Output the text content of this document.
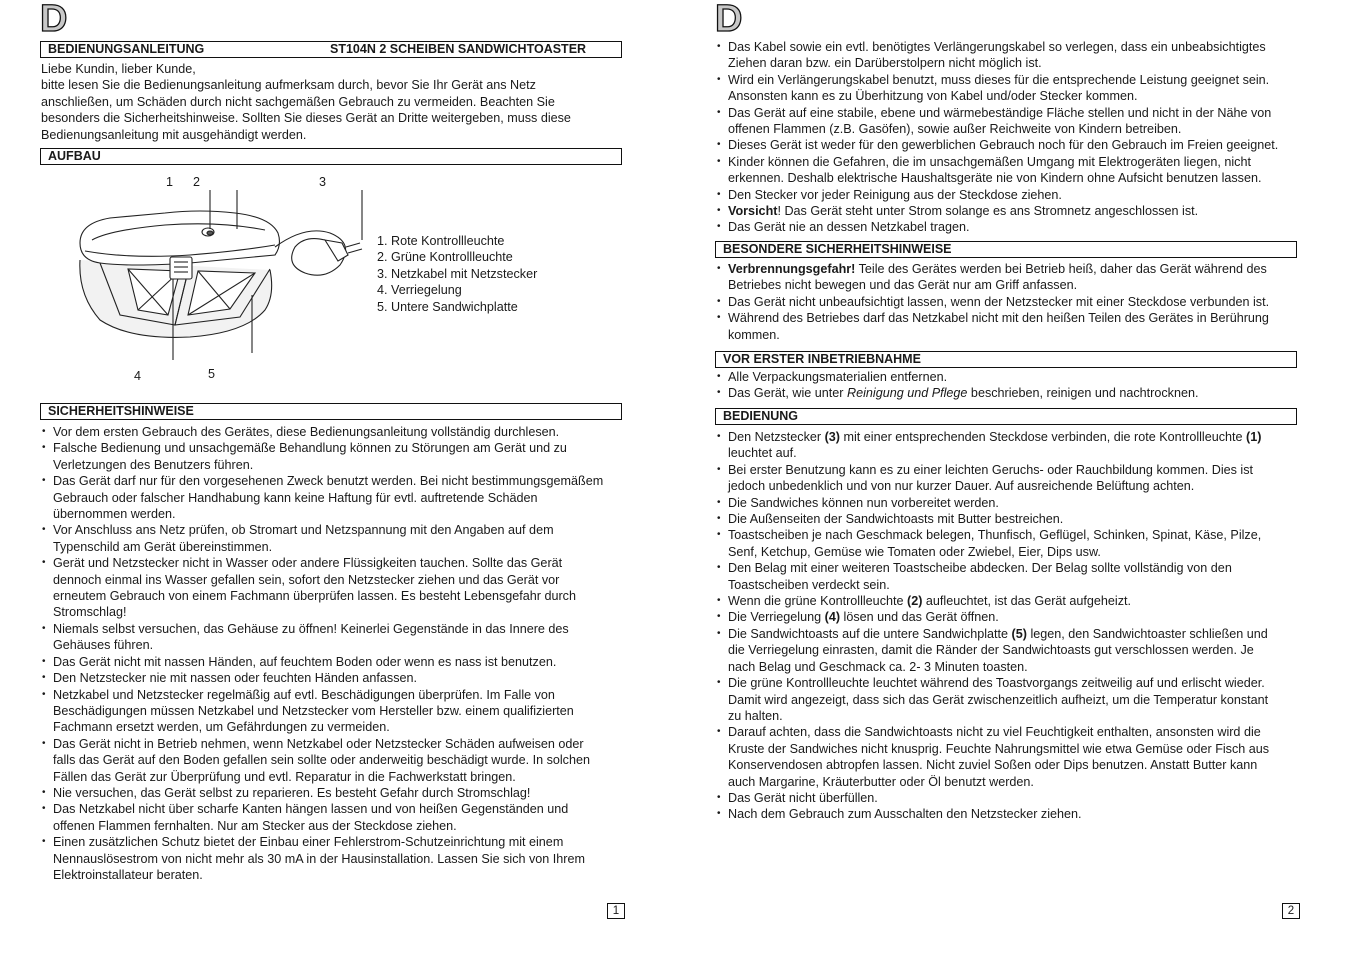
D
BEDIENUNGSANLEITUNG	ST104N 2 SCHEIBEN SANDWICHTOASTER
Liebe Kundin, lieber Kunde,
bitte lesen Sie die Bedienungsanleitung aufmerksam durch, bevor Sie Ihr Gerät ans Netz
anschließen, um Schäden durch nicht sachgemäßen Gebrauch zu vermeiden. Beachten Sie
besonders die Sicherheitshinweise. Sollten Sie dieses Gerät an Dritte weitergeben, muss diese
Bedienungsanleitung mit ausgehändigt werden.
AUFBAU
1 2	3
4	5
1. Rote Kontrollleuchte
2. Grüne Kontrollleuchte
3. Netzkabel mit Netzstecker
4. Verriegelung
5. Untere Sandwichplatte
SICHERHEITSHINWEISE
• Vor dem ersten Gebrauch des Gerätes, diese Bedienungsanleitung vollständig durchlesen.
• Falsche Bedienung und unsachgemäße Behandlung können zu Störungen am Gerät und zu
Verletzungen des Benutzers führen.
• Das Gerät darf nur für den vorgesehenen Zweck benutzt werden. Bei nicht bestimmungsgemäßem
Gebrauch oder falscher Handhabung kann keine Haftung für evtl. auftretende Schäden
übernommen werden.
• Vor Anschluss ans Netz prüfen, ob Stromart und Netzspannung mit den Angaben auf dem
Typenschild am Gerät übereinstimmen.
• Gerät und Netzstecker nicht in Wasser oder andere Flüssigkeiten tauchen. Sollte das Gerät
dennoch einmal ins Wasser gefallen sein, sofort den Netzstecker ziehen und das Gerät vor
erneutem Gebrauch von einem Fachmann überprüfen lassen. Es besteht Lebensgefahr durch
Stromschlag!
• Niemals selbst versuchen, das Gehäuse zu öffnen! Keinerlei Gegenstände in das Innere des
Gehäuses führen.
• Das Gerät nicht mit nassen Händen, auf feuchtem Boden oder wenn es nass ist benutzen.
• Den Netzstecker nie mit nassen oder feuchten Händen anfassen.
• Netzkabel und Netzstecker regelmäßig auf evtl. Beschädigungen überprüfen. Im Falle von
Beschädigungen müssen Netzkabel und Netzstecker vom Hersteller bzw. einem qualifizierten
Fachmann ersetzt werden, um Gefährdungen zu vermeiden.
• Das Gerät nicht in Betrieb nehmen, wenn Netzkabel oder Netzstecker Schäden aufweisen oder
falls das Gerät auf den Boden gefallen sein sollte oder anderweitig beschädigt wurde. In solchen
Fällen das Gerät zur Überprüfung und evtl. Reparatur in die Fachwerkstatt bringen.
• Nie versuchen, das Gerät selbst zu reparieren. Es besteht Gefahr durch Stromschlag!
• Das Netzkabel nicht über scharfe Kanten hängen lassen und von heißen Gegenständen und
offenen Flammen fernhalten. Nur am Stecker aus der Steckdose ziehen.
• Einen zusätzlichen Schutz bietet der Einbau einer Fehlerstrom-Schutzeinrichtung mit einem
Nennauslösestrom von nicht mehr als 30 mA in der Hausinstallation. Lassen Sie sich von Ihrem
Elektroinstallateur beraten.
1
D
• Das Kabel sowie ein evtl. benötigtes Verlängerungskabel so verlegen, dass ein unbeabsichtigtes
Ziehen daran bzw. ein Darüberstolpern nicht möglich ist.
• Wird ein Verlängerungskabel benutzt, muss dieses für die entsprechende Leistung geeignet sein.
Ansonsten kann es zu Überhitzung von Kabel und/oder Stecker kommen.
• Das Gerät auf eine stabile, ebene und wärmebeständige Fläche stellen und nicht in der Nähe von
offenen Flammen (z.B. Gasöfen), sowie außer Reichweite von Kindern betreiben.
• Dieses Gerät ist weder für den gewerblichen Gebrauch noch für den Gebrauch im Freien geeignet.
• Kinder können die Gefahren, die im unsachgemäßen Umgang mit Elektrogeräten liegen, nicht
erkennen. Deshalb elektrische Haushaltsgeräte nie von Kindern ohne Aufsicht benutzen lassen.
• Den Stecker vor jeder Reinigung aus der Steckdose ziehen.
• Vorsicht! Das Gerät steht unter Strom solange es ans Stromnetz angeschlossen ist.
• Das Gerät nie an dessen Netzkabel tragen.
BESONDERE SICHERHEITSHINWEISE
• Verbrennungsgefahr! Teile des Gerätes werden bei Betrieb heiß, daher das Gerät während des
Betriebes nicht bewegen und das Gerät nur am Griff anfassen.
• Das Gerät nicht unbeaufsichtigt lassen, wenn der Netzstecker mit einer Steckdose verbunden ist.
• Während des Betriebes darf das Netzkabel nicht mit den heißen Teilen des Gerätes in Berührung
kommen.
VOR ERSTER INBETRIEBNAHME
• Alle Verpackungsmaterialien entfernen.
• Das Gerät, wie unter Reinigung und Pflege beschrieben, reinigen und nachtrocknen.
BEDIENUNG
• Den Netzstecker (3) mit einer entsprechenden Steckdose verbinden, die rote Kontrollleuchte (1)
leuchtet auf.
• Bei erster Benutzung kann es zu einer leichten Geruchs- oder Rauchbildung kommen. Dies ist
jedoch unbedenklich und von nur kurzer Dauer. Auf ausreichende Belüftung achten.
• Die Sandwiches können nun vorbereitet werden.
• Die Außenseiten der Sandwichtoasts mit Butter bestreichen.
• Toastscheiben je nach Geschmack belegen, Thunfisch, Geflügel, Schinken, Spinat, Käse, Pilze,
Senf, Ketchup, Gemüse wie Tomaten oder Zwiebel, Eier, Dips usw.
• Den Belag mit einer weiteren Toastscheibe abdecken. Der Belag sollte vollständig von den
Toastscheiben verdeckt sein.
• Wenn die grüne Kontrollleuchte (2) aufleuchtet, ist das Gerät aufgeheizt.
• Die Verriegelung (4) lösen und das Gerät öffnen.
• Die Sandwichtoasts auf die untere Sandwichplatte (5) legen, den Sandwichtoaster schließen und
die Verriegelung einrasten, damit die Ränder der Sandwichtoasts gut verschlossen werden. Je
nach Belag und Geschmack ca. 2- 3 Minuten toasten.
• Die grüne Kontrollleuchte leuchtet während des Toastvorgangs zeitweilig auf und erlischt wieder.
Damit wird angezeigt, dass sich das Gerät zwischenzeitlich aufheizt, um die Temperatur konstant
zu halten.
• Darauf achten, dass die Sandwichtoasts nicht zu viel Feuchtigkeit enthalten, ansonsten wird die
Kruste der Sandwiches nicht knusprig. Feuchte Nahrungsmittel wie etwa Gemüse oder Fisch aus
Konservendosen abtropfen lassen. Nicht zuviel Soßen oder Dips benutzen. Anstatt Butter kann
auch Margarine, Kräuterbutter oder Öl benutzt werden.
• Das Gerät nicht überfüllen.
• Nach dem Gebrauch zum Ausschalten den Netzstecker ziehen.
2
